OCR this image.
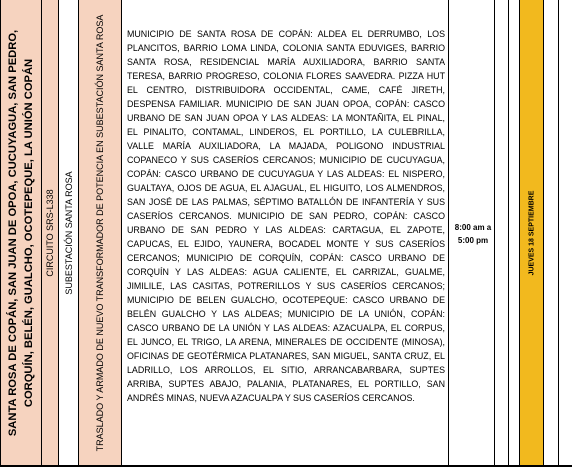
SANTA ROSA DE COPÁN, SAN JUAN DE OPOA, CUCUYAGUA, SAN PEDRO, CORQUÍN, BELÉN, GUALCHO, OCOTEPEQUE, LA UNIÓN COPÁN CIRCUITO SRS-L338 SUBESTACIÓN SANTA ROSA TRASLADO Y ARMADO DE NUEVO TRANSFORMADOR DE POTENCIA EN SUBESTACIÓN SANTA ROSA MUNICIPIO DE SANTA ROSA DE COPÁN: ALDEA EL DERRUMBO, LOS PLANCITOS, BARRIO LOMA LINDA, COLONIA SANTA EDUVIGES, BARRIO SANTA ROSA, RESIDENCIAL MARÍA AUXILIADORA, BARRIO SANTA TERESA, BARRIO PROGRESO, COLONIA FLORES SAAVEDRA. PIZZA HUT EL CENTRO, DISTRIBUIDORA OCCIDENTAL, CAME, CAFÉ JIRETH, DESPENSA FAMILIAR. MUNICIPIO DE SAN JUAN OPOA, COPÁN: CASCO URBANO DE SAN JUAN OPOA Y LAS ALDEAS: LA MONTAÑITA, EL PINAL, EL PINALITO, CONTAMAL, LINDEROS, EL PORTILLO, LA CULEBRILLA, VALLE MARÍA AUXILIADORA, LA MAJADA, POLIGONO INDUSTRIAL COPANECO Y SUS CASERÍOS CERCANOS; MUNICIPIO DE CUCUYAGUA, COPÁN: CASCO URBANO DE CUCUYAGUA Y LAS ALDEAS: EL NISPERO, GUALTAYA, OJOS DE AGUA, EL AJAGUAL, EL HIGUITO, LOS ALMENDROS, SAN JOSÉ DE LAS PALMAS, SÉPTIMO BATALLÓN DE INFANTERÍA Y SUS CASERÍOS CERCANOS. MUNICIPIO DE SAN PEDRO, COPÁN: CASCO URBANO DE SAN PEDRO Y LAS ALDEAS: CARTAGUA, EL ZAPOTE, CAPUCAS, EL EJIDO, YAUNERA, BOCADEL MONTE Y SUS CASERÍOS CERCANOS; MUNICIPIO DE CORQUÍN, COPÁN: CASCO URBANO DE CORQUÍN Y LAS ALDEAS: AGUA CALIENTE, EL CARRIZAL, GUALME, JIMILILE, LAS CASITAS, POTRERILLOS Y SUS CASERÍOS CERCANOS; MUNICIPIO DE BELEN GUALCHO, OCOTEPEQUE: CASCO URBANO DE BELÉN GUALCHO Y LAS ALDEAS; MUNICIPIO DE LA UNIÓN, COPÁN: CASCO URBANO DE LA UNIÓN Y LAS ALDEAS: AZACUALPA, EL CORPUS, EL JUNCO, EL TRIGO, LA ARENA, MINERALES DE OCCIDENTE (MINOSA), OFICINAS DE GEOTÉRMICA PLATANARES, SAN MIGUEL, SANTA CRUZ, EL LADRILLO, LOS ARROLLOS, EL SITIO, ARRANCABARBARA, SUPTES ARRIBA, SUPTES ABAJO, PALANIA, PLATANARES, EL PORTILLO, SAN ANDRÉS MINAS, NUEVA AZACUALPA Y SUS CASERÍOS CERCANOS.
8:00 am a
5:00 pm	JUEVES 18 SEPTIEMBRE
